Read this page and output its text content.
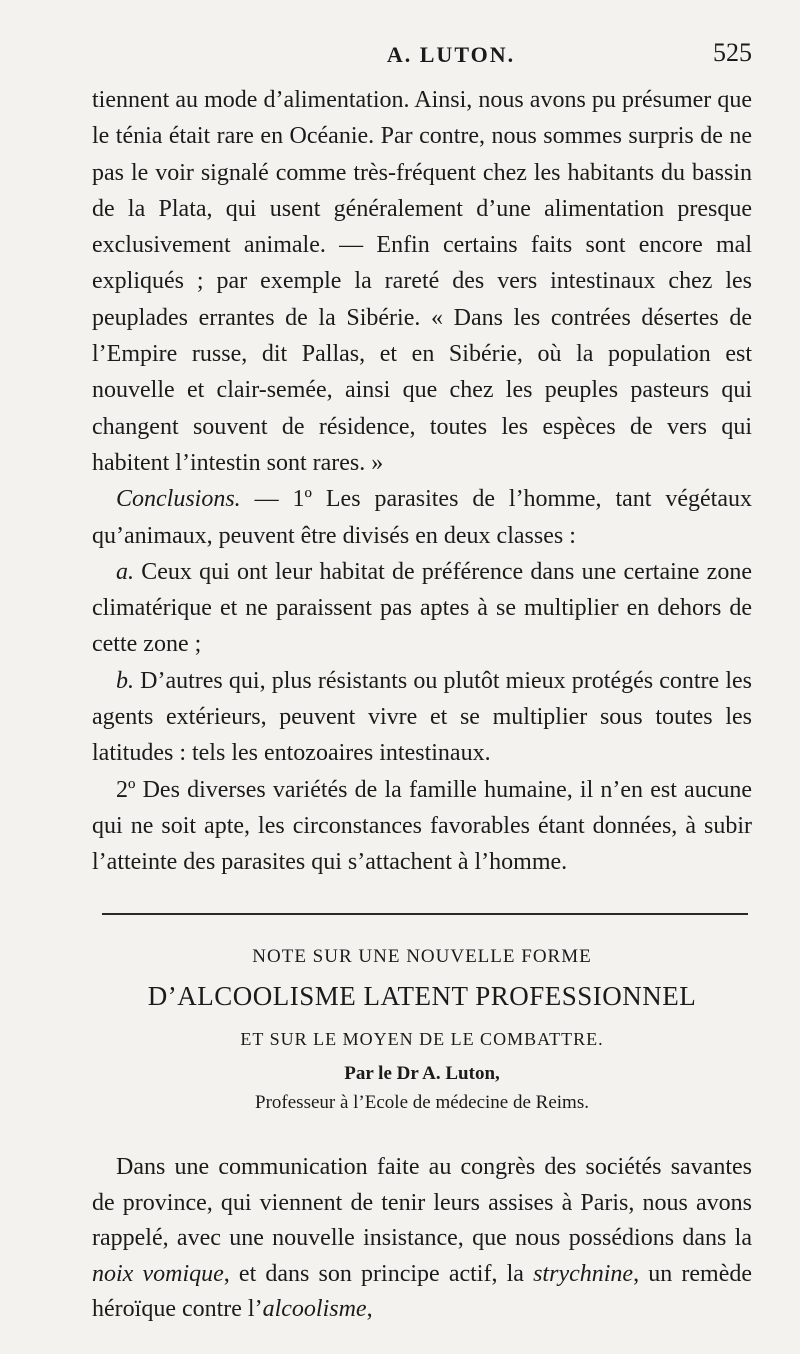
A. LUTON.	525

tiennent au mode d’alimentation. Ainsi, nous avons pu présumer que le ténia était rare en Océanie. Par contre, nous sommes surpris de ne pas le voir signalé comme très-fréquent chez les habitants du bassin de la Plata, qui usent généralement d’une alimentation presque exclusivement animale. — Enfin certains faits sont encore mal expliqués ; par exemple la rareté des vers intestinaux chez les peuplades errantes de la Sibérie. « Dans les contrées désertes de l’Empire russe, dit Pallas, et en Sibérie, où la population est nouvelle et clair-semée, ainsi que chez les peuples pasteurs qui changent souvent de résidence, toutes les espèces de vers qui habitent l’intestin sont rares. »

Conclusions. — 1º Les parasites de l’homme, tant végétaux qu’animaux, peuvent être divisés en deux classes :

a. Ceux qui ont leur habitat de préférence dans une certaine zone climatérique et ne paraissent pas aptes à se multiplier en dehors de cette zone ;

b. D’autres qui, plus résistants ou plutôt mieux protégés contre les agents extérieurs, peuvent vivre et se multiplier sous toutes les latitudes : tels les entozoaires intestinaux.

2º Des diverses variétés de la famille humaine, il n’en est aucune qui ne soit apte, les circonstances favorables étant données, à subir l’atteinte des parasites qui s’attachent à l’homme.

NOTE SUR UNE NOUVELLE FORME

D’ALCOOLISME LATENT PROFESSIONNEL

ET SUR LE MOYEN DE LE COMBATTRE.

Par le Dr A. Luton,

Professeur à l’Ecole de médecine de Reims.

Dans une communication faite au congrès des sociétés savantes de province, qui viennent de tenir leurs assises à Paris, nous avons rappelé, avec une nouvelle insistance, que nous possédions dans la noix vomique, et dans son principe actif, la strychnine, un remède héroïque contre l’alcoolisme,
